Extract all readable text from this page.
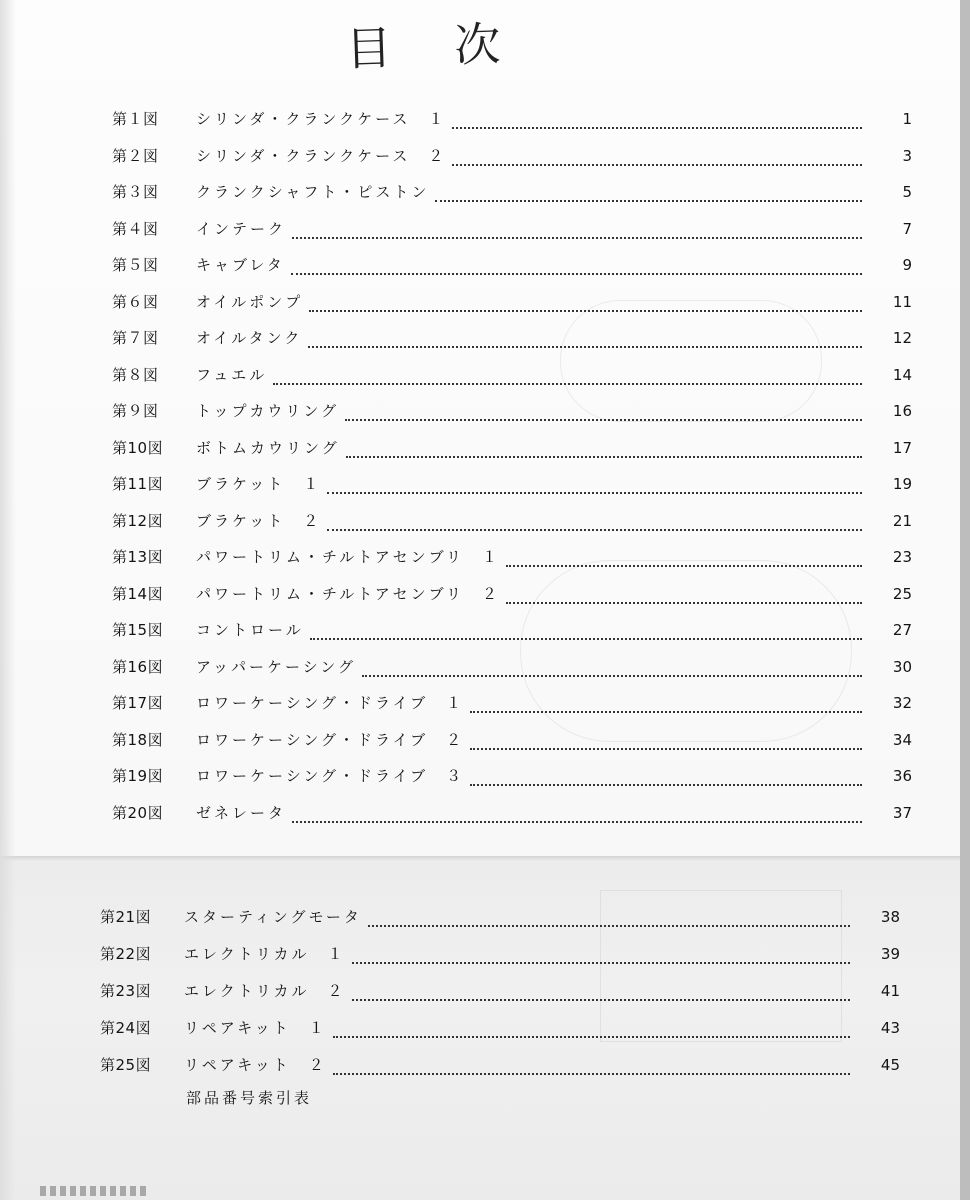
目 次
第１図	シリンダ・クランクケース　１	1
第２図	シリンダ・クランクケース　２	3
第３図	クランクシャフト・ピストン	5
第４図	インテーク	7
第５図	キャブレタ	9
第６図	オイルポンプ	11
第７図	オイルタンク	12
第８図	フュエル	14
第９図	トップカウリング	16
第10図	ボトムカウリング	17
第11図	ブラケット　１	19
第12図	ブラケット　２	21
第13図	パワートリム・チルトアセンブリ　１	23
第14図	パワートリム・チルトアセンブリ　２	25
第15図	コントロール	27
第16図	アッパーケーシング	30
第17図	ロワーケーシング・ドライブ　１	32
第18図	ロワーケーシング・ドライブ　２	34
第19図	ロワーケーシング・ドライブ　３	36
第20図	ゼネレータ	37
第21図	スターティングモータ	38
第22図	エレクトリカル　１	39
第23図	エレクトリカル　２	41
第24図	リペアキット　１	43
第25図	リペアキット　２	45
部品番号索引表
